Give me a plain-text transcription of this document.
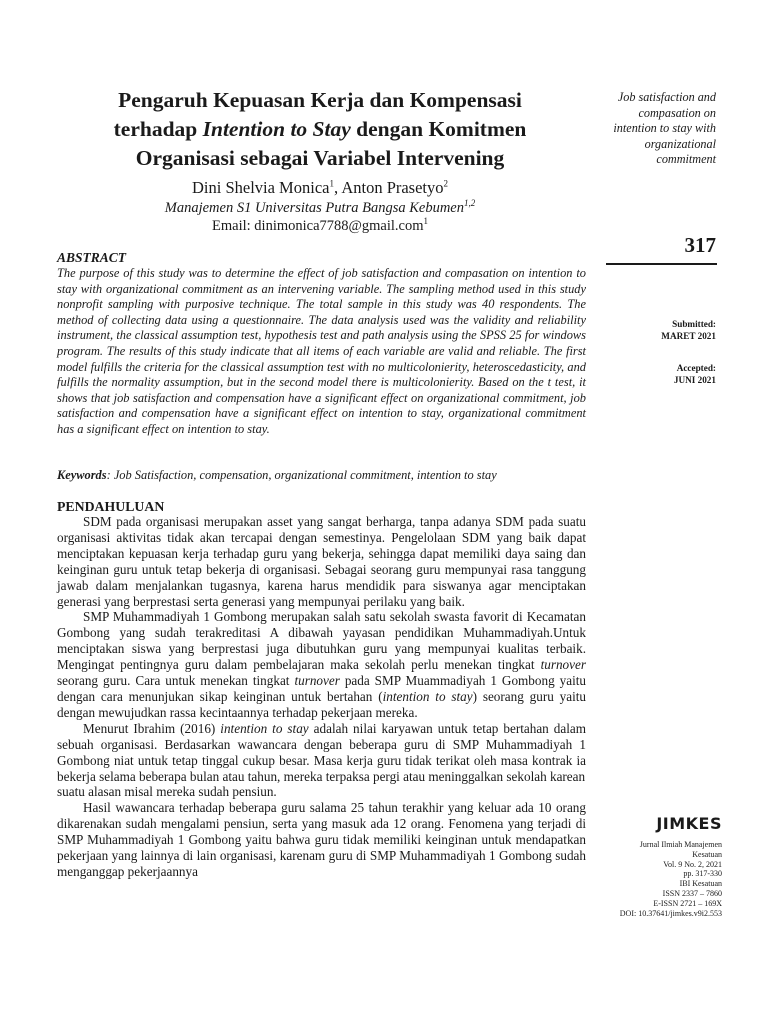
Pengaruh Kepuasan Kerja dan Kompensasi
terhadap Intention to Stay dengan Komitmen
Organisasi sebagai Variabel Intervening
Dini Shelvia Monica$^1$, Anton Prasetyo$^2$
Manajemen S1 Universitas Putra Bangsa Kebumen$^{1,2}$
Email: dinimonica7788@gmail.com$^1$
ABSTRACT
The purpose of this study was to determine the effect of job satisfaction and compasation on intention to stay with organizational commitment as an intervening variable. The sampling method used in this study nonprofit sampling with purposive technique. The total sample in this study was 40 respondents. The method of collecting data using a questionnaire. The data analysis used was the validity and reliability instrument, the classical assumption test, hypothesis test and path analysis using the SPSS 25 for windows program. The results of this study indicate that all items of each variable are valid and reliable. The first model fulfills the criteria for the classical assumption test with no multicolonierity, heteroscedasticity, and fulfills the normality assumption, but in the second model there is multicolonierity. Based on the t test, it shows that job satisfaction and compensation have a significant effect on organizational commitment, job satisfaction and compensation have a significant effect on intention to stay, organizational commitment has a significant effect on intention to stay.
Keywords: Job Satisfaction, compensation, organizational commitment, intention to stay
PENDAHULUAN

SDM pada organisasi merupakan asset yang sangat berharga, tanpa adanya SDM pada suatu organisasi aktivitas tidak akan tercapai dengan semestinya. Pengelolaan SDM yang baik dapat menciptakan kepuasan kerja terhadap guru yang bekerja, sehingga dapat memiliki daya saing dan keinginan guru untuk tetap bekerja di organisasi. Sebagai seorang guru mempunyai rasa tanggung jawab dalam menjalankan tugasnya, karena harus mendidik para siswanya agar menciptakan generasi yang berprestasi serta generasi yang mempunyai perilaku yang baik.

SMP Muhammadiyah 1 Gombong merupakan salah satu sekolah swasta favorit di Kecamatan Gombong yang sudah terakreditasi A dibawah yayasan pendidikan Muhammadiyah.Untuk menciptakan siswa yang berprestasi juga dibutuhkan guru yang mempunyai kualitas terbaik. Mengingat pentingnya guru dalam pembelajaran maka sekolah perlu menekan tingkat turnover seorang guru. Cara untuk menekan tingkat turnover pada SMP Muammadiyah 1 Gombong yaitu dengan cara menunjukan sikap keinginan untuk bertahan (intention to stay) seorang guru yaitu dengan mewujudkan rassa kecintaannya terhadap pekerjaan mereka.

Menurut Ibrahim (2016) intention to stay adalah nilai karyawan untuk tetap bertahan dalam sebuah organisasi. Berdasarkan wawancara dengan beberapa guru di SMP Muhammadiyah 1 Gombong niat untuk tetap tinggal cukup besar. Masa kerja guru tidak terikat oleh masa kontrak ia bekerja selama beberapa bulan atau tahun, mereka terpaksa pergi atau meninggalkan sekolah karean

suatu alasan misal mereka sudah pensiun.

Hasil wawancara terhadap beberapa guru salama 25 tahun terakhir yang keluar ada 10 orang dikarenakan sudah mengalami pensiun, serta yang masuk ada 12 orang. Fenomena yang terjadi di SMP Muhammadiyah 1 Gombong yaitu bahwa guru tidak memiliki keinginan untuk mendapatkan pekerjaan yang lainnya di lain organisasi, karenam guru di SMP Muhammadiyah 1 Gombong sudah menganggap pekerjaannya

Job satisfaction and
compasation on
intention to stay with
organizational
commitment
317
Submitted:
MARET 2021
Accepted:
JUNI 2021
JIMKES
Jurnal Ilmiah Manajemen
Kesatuan
Vol. 9 No. 2, 2021
pp. 317-330
IBI Kesatuan
ISSN 2337 – 7860
E-ISSN 2721 – 169X
DOI: 10.37641/jimkes.v9i2.553
